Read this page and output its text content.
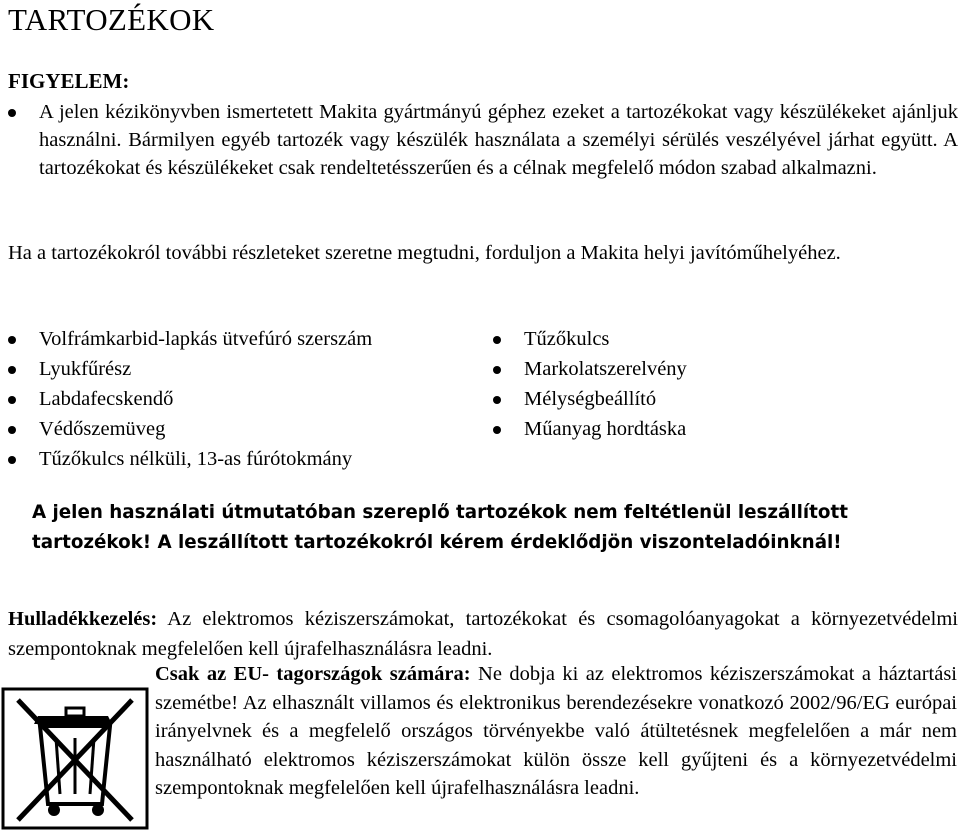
TARTOZÉKOK
FIGYELEM:
A jelen kézikönyvben ismertetett Makita gyártmányú géphez ezeket a tartozékokat vagy készülékeket ajánljuk használni. Bármilyen egyéb tartozék vagy készülék használata a személyi sérülés veszélyével járhat együtt. A tartozékokat és készülékeket csak rendeltetésszerűen és a célnak megfelelő módon szabad alkalmazni.

Ha a tartozékokról további részleteket szeretne megtudni, forduljon a Makita helyi javítóműhelyéhez.

Volfrámkarbid-lapkás ütvefúró szerszám
Lyukfűrész
Labdafecskendő
Védőszemüveg
Tűzőkulcs nélküli, 13-as fúrótokmány
Tűzőkulcs
Markolatszerelvény
Mélységbeállító
Műanyag hordtáska

A jelen használati útmutatóban szereplő tartozékok nem feltétlenül leszállított tartozékok! A leszállított tartozékokról kérem érdeklődjön viszonteladóinknál!

Hulladékkezelés: Az elektromos kéziszerszámokat, tartozékokat és csomagolóanyagokat a környezetvédelmi szempontoknak megfelelően kell újrafelhasználásra leadni.

Csak az EU- tagországok számára: Ne dobja ki az elektromos kéziszerszámokat a háztartási szemétbe! Az elhasznált villamos és elektronikus berendezésekre vonatkozó 2002/96/EG európai irányelvnek és a megfelelő országos törvényekbe való átültetésnek megfelelően a már nem használható elektromos kéziszerszámokat külön össze kell gyűjteni és a környezetvédelmi szempontoknak megfelelően kell újrafelhasználásra leadni.
